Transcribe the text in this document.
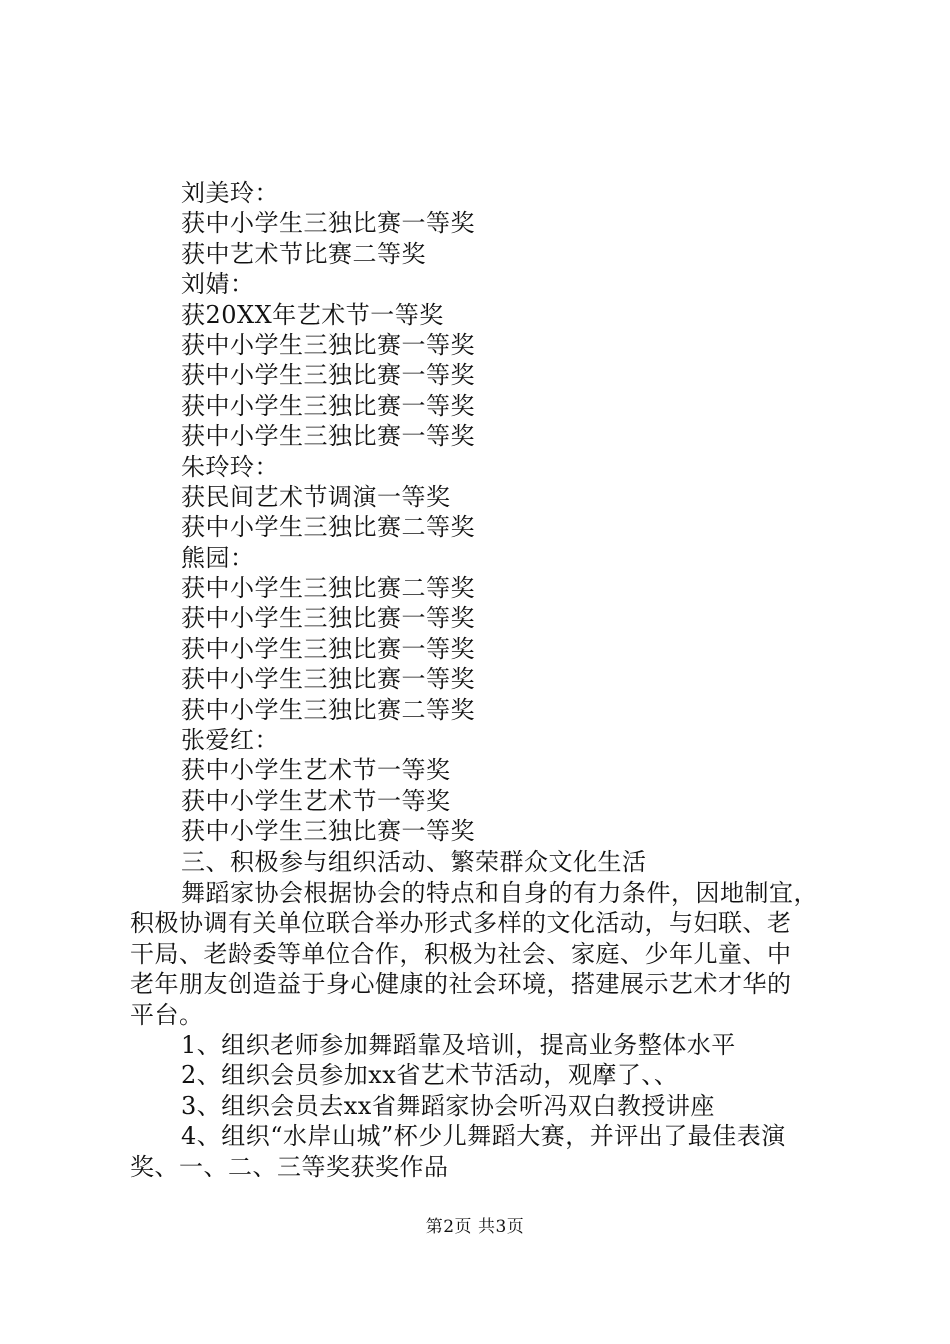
刘美玲：
获中小学生三独比赛一等奖
获中艺术节比赛二等奖
刘婧：
获20XX年艺术节一等奖
获中小学生三独比赛一等奖
获中小学生三独比赛一等奖
获中小学生三独比赛一等奖
获中小学生三独比赛一等奖
朱玲玲：
获民间艺术节调演一等奖
获中小学生三独比赛二等奖
熊园：
获中小学生三独比赛二等奖
获中小学生三独比赛一等奖
获中小学生三独比赛一等奖
获中小学生三独比赛一等奖
获中小学生三独比赛二等奖
张爱红：
获中小学生艺术节一等奖
获中小学生艺术节一等奖
获中小学生三独比赛一等奖
三、积极参与组织活动、繁荣群众文化生活
舞蹈家协会根据协会的特点和自身的有力条件，因地制宜，
积极协调有关单位联合举办形式多样的文化活动，与妇联、老
干局、老龄委等单位合作，积极为社会、家庭、少年儿童、中
老年朋友创造益于身心健康的社会环境，搭建展示艺术才华的
平台。
1、组织老师参加舞蹈靠及培训，提高业务整体水平
2、组织会员参加xx省艺术节活动，观摩了、、
3、组织会员去xx省舞蹈家协会听冯双白教授讲座
4、组织“水岸山城”杯少儿舞蹈大赛，并评出了最佳表演
奖、一、二、三等奖获奖作品
第2页 共3页
